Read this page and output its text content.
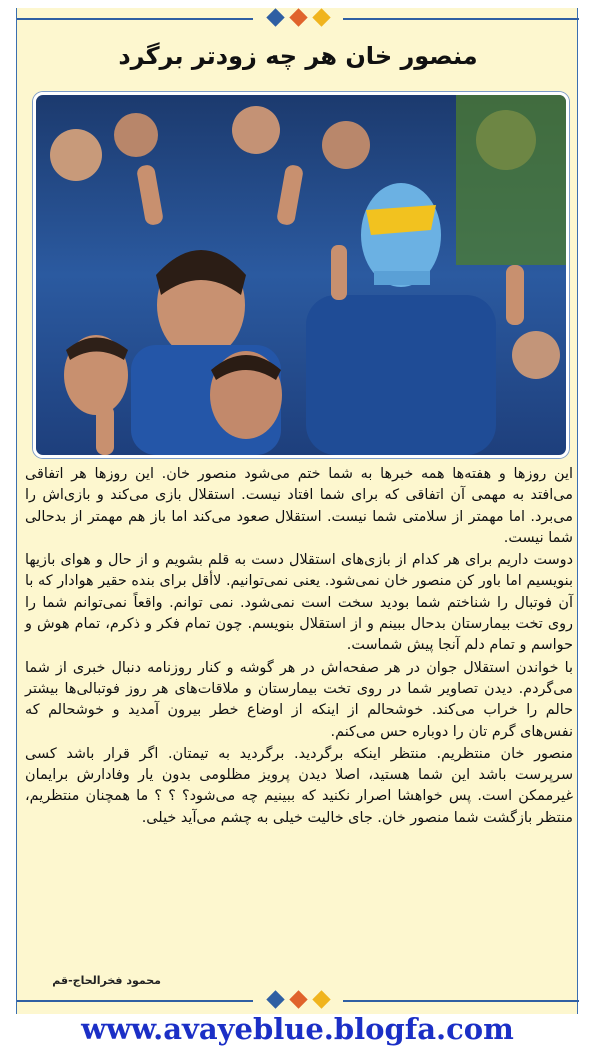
منصور خان هر چه زودتر برگرد

این روزها و هفته‌ها همه خبرها به شما ختم می‌شود منصور خان. این روزها هر اتفاقی می‌افتد به مهمی آن اتفاقی که برای شما افتاد نیست. استقلال بازی می‌کند و بازی‌اش را می‌برد. اما مهمتر از سلامتی شما نیست. استقلال صعود می‌کند اما باز هم مهمتر از بدحالی شما نیست.

دوست داریم برای هر کدام از بازی‌های استقلال دست به قلم بشویم و از حال و هوای بازیها بنویسیم اما باور کن منصور خان نمی‌شود. یعنی نمی‌توانیم. لاأقل برای بنده حقیر هوادار که با آن فوتبال را شناختم شما بودید سخت است نمی‌شود. نمی‌ توانم. واقعاً نمی‌توانم شما را روی تخت بیمارستان بدحال ببینم و از استقلال بنویسم. چون تمام فکر و ذکرم، تمام هوش و حواسم و تمام دلم آنجا پیش شماست.

با خواندن استقلال جوان در هر صفحه‌اش در هر گوشه و کنار روزنامه دنبال خبری از شما می‌گردم. دیدن تصاویر شما در روی تخت بیمارستان و ملاقات‌های هر روز فوتبالی‌ها بیشتر حالم را خراب می‌کند. خوشحالم از اینکه از اوضاع خطر بیرون آمدید و خوشحالم که نفس‌های گرم تان را دوباره حس می‌کنم.

منصور خان منتظریم. منتظر اینکه برگردید. برگردید به تیمتان. اگر قرار باشد کسی سرپرست باشد این شما هستید، اصلا دیدن پرویز مظلومی بدون یار وفادارش برایمان غیرممکن است. پس خواهشا اصرار نکنید که ببینیم چه می‌شود؟ ؟ ؟ ما همچنان منتظریم، منتظر بازگشت شما منصور خان. جای خالیت خیلی به چشم می‌آید خیلی.

محمود فخرالحاج-قم
www.avayeblue.blogfa.com
